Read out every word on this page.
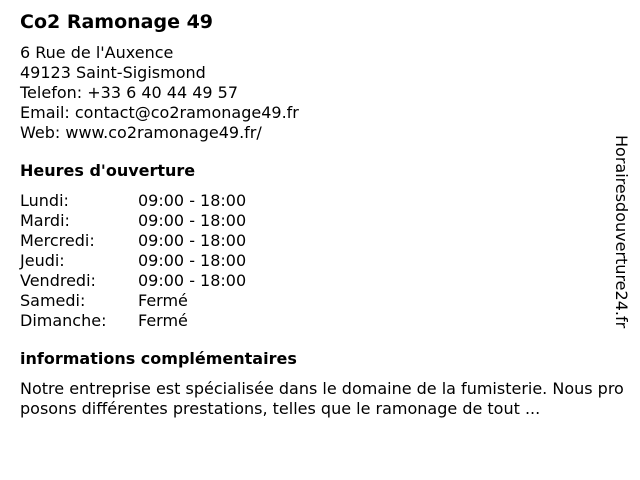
Co2 Ramonage 49
6 Rue de l'Auxence
49123 Saint-Sigismond
Telefon: +33 6 40 44 49 57
Email: contact@co2ramonage49.fr
Web: www.co2ramonage49.fr/
Heures d'ouverture
Lundi:	09:00 - 18:00
Mardi:	09:00 - 18:00
Mercredi:	09:00 - 18:00
Jeudi:	09:00 - 18:00
Vendredi:	09:00 - 18:00
Samedi:	Fermé
Dimanche:	Fermé
informations complémentaires
Notre entreprise est spécialisée dans le domaine de la fumisterie. Nous proposons différentes prestations, telles que le ramonage de tout ...
Horairesdouverture24.fr
